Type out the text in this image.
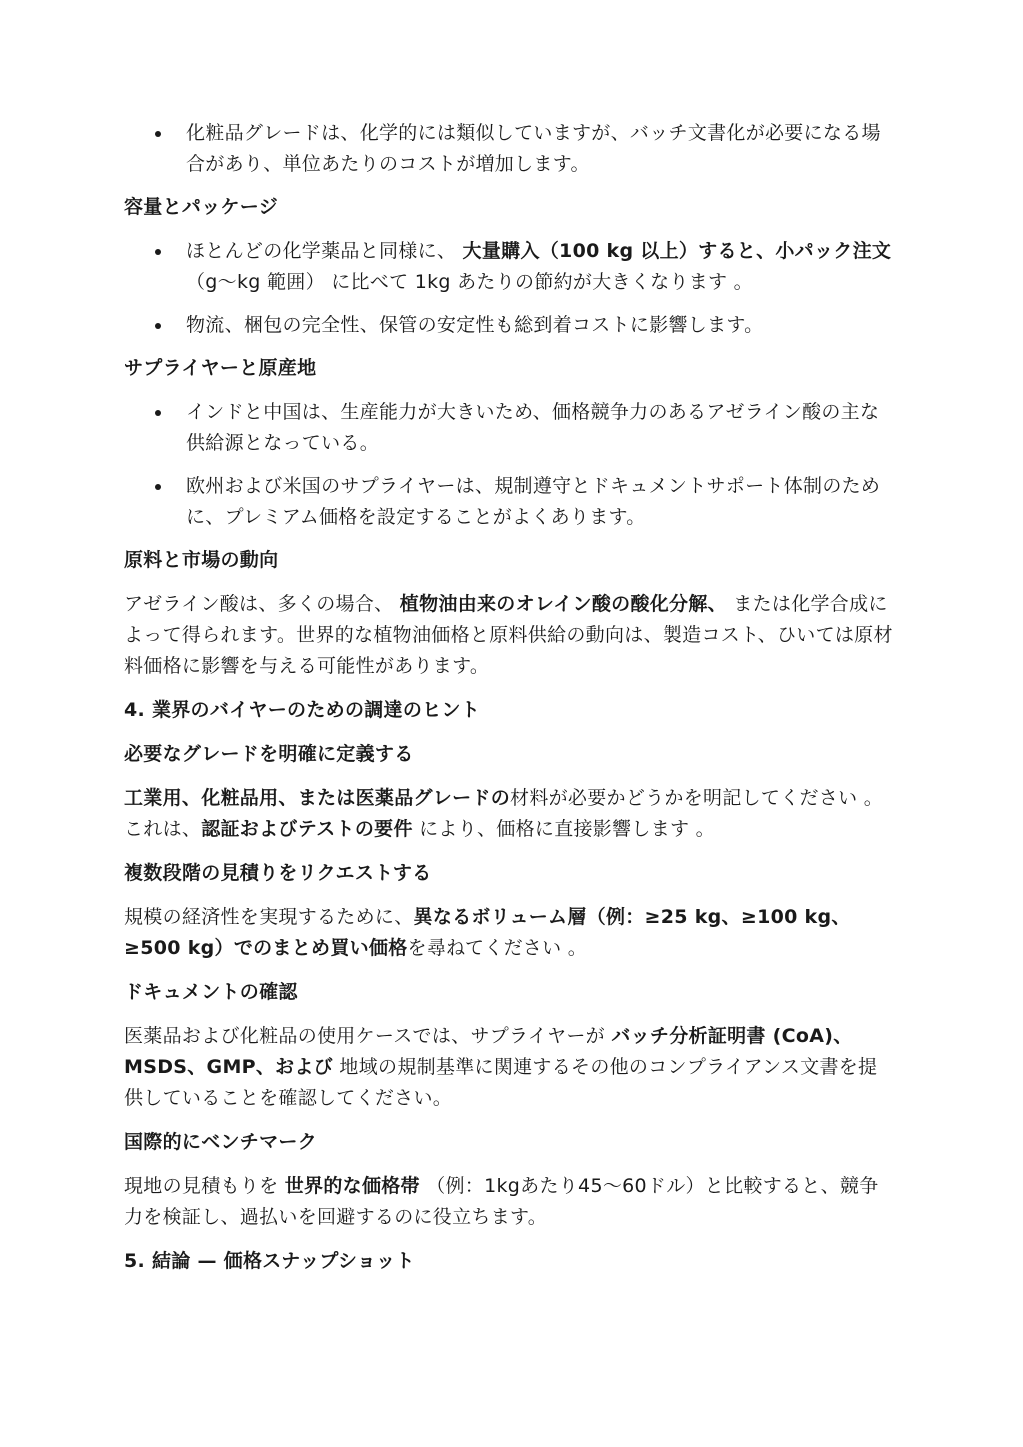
化粧品グレードは、化学的には類似していますが、バッチ文書化が必要になる場合があり、単位あたりのコストが増加します。
容量とパッケージ
ほとんどの化学薬品と同様に、 大量購入（100 kg 以上）すると、小パック注文 （g〜kg 範囲） に比べて 1kg あたりの節約が大きくなります 。
物流、梱包の完全性、保管の安定性も総到着コストに影響します。
サプライヤーと原産地
インドと中国は、生産能力が大きいため、価格競争力のあるアゼライン酸の主な供給源となっている。
欧州および米国のサプライヤーは、規制遵守とドキュメントサポート体制のために、プレミアム価格を設定することがよくあります。
原料と市場の動向

アゼライン酸は、多くの場合、 植物油由来のオレイン酸の酸化分解、 または化学合成によって得られます。世界的な植物油価格と原料供給の動向は、製造コスト、ひいては原材料価格に影響を与える可能性があります。

4. 業界のバイヤーのための調達のヒント
必要なグレードを明確に定義する

工業用、化粧品用、または医薬品グレードの材料が必要かどうかを明記してください 。これは、認証およびテストの要件 により、価格に直接影響します 。

複数段階の見積りをリクエストする

規模の経済性を実現するために、異なるボリューム層（例：≥25 kg、≥100 kg、≥500 kg）でのまとめ買い価格を尋ねてください 。

ドキュメントの確認

医薬品および化粧品の使用ケースでは、サプライヤーが バッチ分析証明書 (CoA)、MSDS、GMP、および 地域の規制基準に関連するその他のコンプライアンス文書を提供していることを確認してください。

国際的にベンチマーク

現地の見積もりを 世界的な価格帯 （例：1kgあたり45〜60ドル）と比較すると、競争力を検証し、過払いを回避するのに役立ちます。

5. 結論 — 価格スナップショット
